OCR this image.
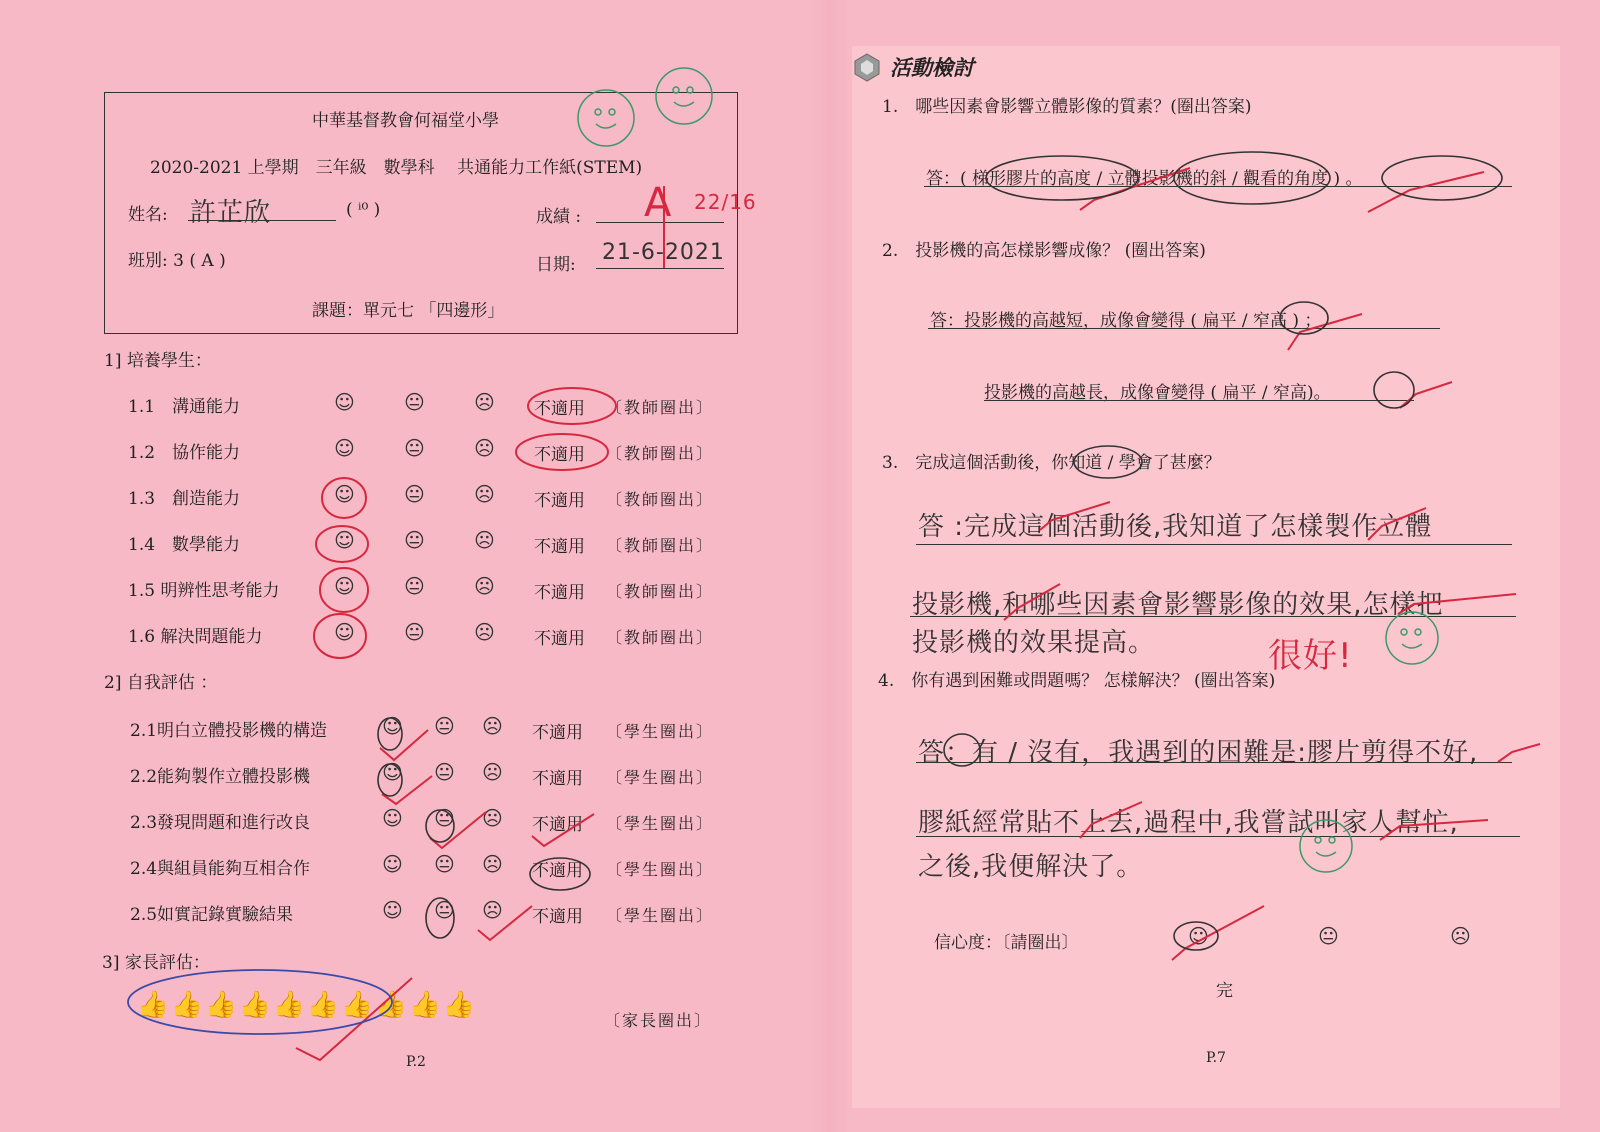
中華基督教會何福堂小學
2020-2021 上學期　三年級　數學科　 共通能力工作紙(STEM)
姓名: 許芷欣	( ⁱ⁰ )	成績 : A 22/16
班別: 3 ( A )	日期: 21-6-2021
課題：單元七 「四邊形」
1] 培養學生：
1.1　溝通能力	☺ 😐 ☹ 不適用 〔教師圈出〕
1.2　協作能力	☺ 😐 ☹ 不適用 〔教師圈出〕
1.3　創造能力	☺ 😐 ☹ 不適用 〔教師圈出〕
1.4　數學能力	☺ 😐 ☹ 不適用 〔教師圈出〕
1.5 明辨性思考能力	☺ 😐 ☹ 不適用 〔教師圈出〕
1.6 解決問題能力	☺ 😐 ☹ 不適用 〔教師圈出〕
2] 自我評估 ：
2.1明白立體投影機的構造	☺ 😐 ☹ 不適用 〔學生圈出〕
2.2能夠製作立體投影機	☺ 😐 ☹ 不適用 〔學生圈出〕
2.3發現問題和進行改良	☺ 😐 ☹ 不適用 〔學生圈出〕
2.4與組員能夠互相合作	☺ 😐 ☹ 不適用 〔學生圈出〕
2.5如實記錄實驗結果	☺ 😐 ☹ 不適用 〔學生圈出〕
3] 家長評估：
👍👍👍👍👍👍👍👍👍👍
〔家長圈出〕
P.2
活動檢討
1.　哪些因素會影響立體影像的質素？(圈出答案)
答：( 梯形膠片的高度 / 立體投影機的斜 / 觀看的角度 ) 。
2.　投影機的高怎樣影響成像？ (圈出答案)
答：投影機的高越短，成像會變得 ( 扁平 / 窄高 ) ；
投影機的高越長，成像會變得 ( 扁平 / 窄高)。
3.　完成這個活動後，你知道 / 學會了甚麼？
答 :完成這個活動後,我知道了怎樣製作立體
投影機,和哪些因素會影響影像的效果,怎樣把
投影機的效果提高。	很好!
4.　你有遇到困難或問題嗎？ 怎樣解決？ (圈出答案)
答：有 / 沒有，我遇到的困難是:膠片剪得不好,
膠紙經常貼不上去,過程中,我嘗試叫家人幫忙,
之後,我便解決了。
信心度：〔請圈出〕	☺	😐	☹
完
P.7
